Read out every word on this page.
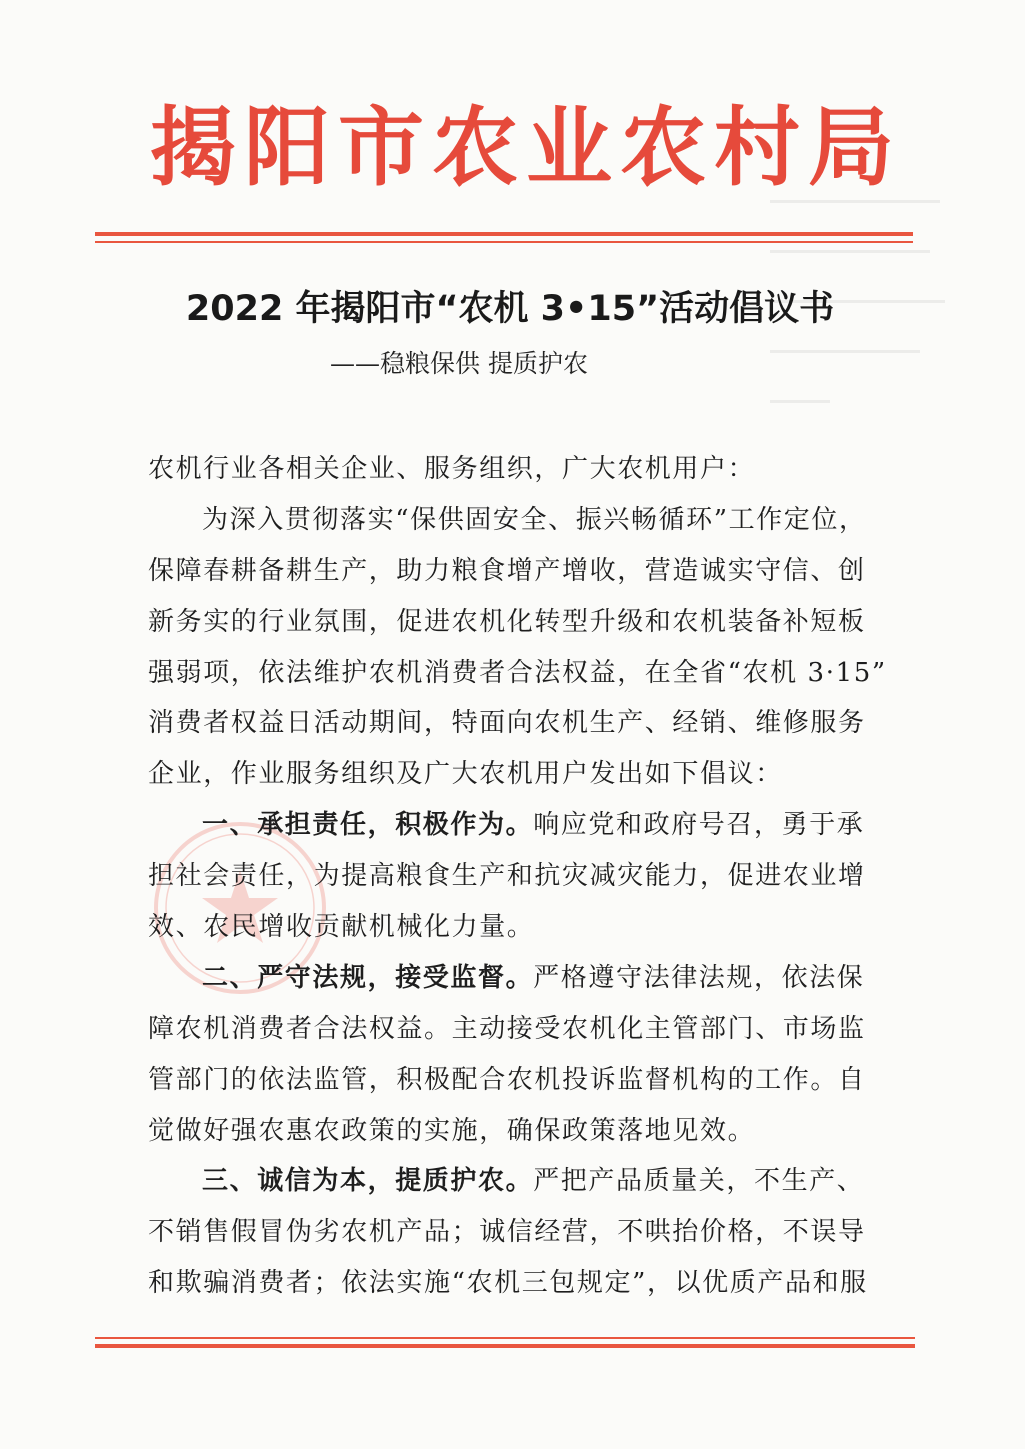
揭阳市农业农村局
2022 年揭阳市“农机 3•15”活动倡议书
——稳粮保供 提质护农
农机行业各相关企业、服务组织，广大农机用户：
为深入贯彻落实“保供固安全、振兴畅循环”工作定位，
保障春耕备耕生产，助力粮食增产增收，营造诚实守信、创
新务实的行业氛围，促进农机化转型升级和农机装备补短板
强弱项，依法维护农机消费者合法权益，在全省“农机 3·15”
消费者权益日活动期间，特面向农机生产、经销、维修服务
企业，作业服务组织及广大农机用户发出如下倡议：
一、承担责任，积极作为。响应党和政府号召，勇于承
担社会责任，为提高粮食生产和抗灾减灾能力，促进农业增
效、农民增收贡献机械化力量。
二、严守法规，接受监督。严格遵守法律法规，依法保
障农机消费者合法权益。主动接受农机化主管部门、市场监
管部门的依法监管，积极配合农机投诉监督机构的工作。自
觉做好强农惠农政策的实施，确保政策落地见效。
三、诚信为本，提质护农。严把产品质量关，不生产、
不销售假冒伪劣农机产品；诚信经营，不哄抬价格，不误导
和欺骗消费者；依法实施“农机三包规定”，以优质产品和服
